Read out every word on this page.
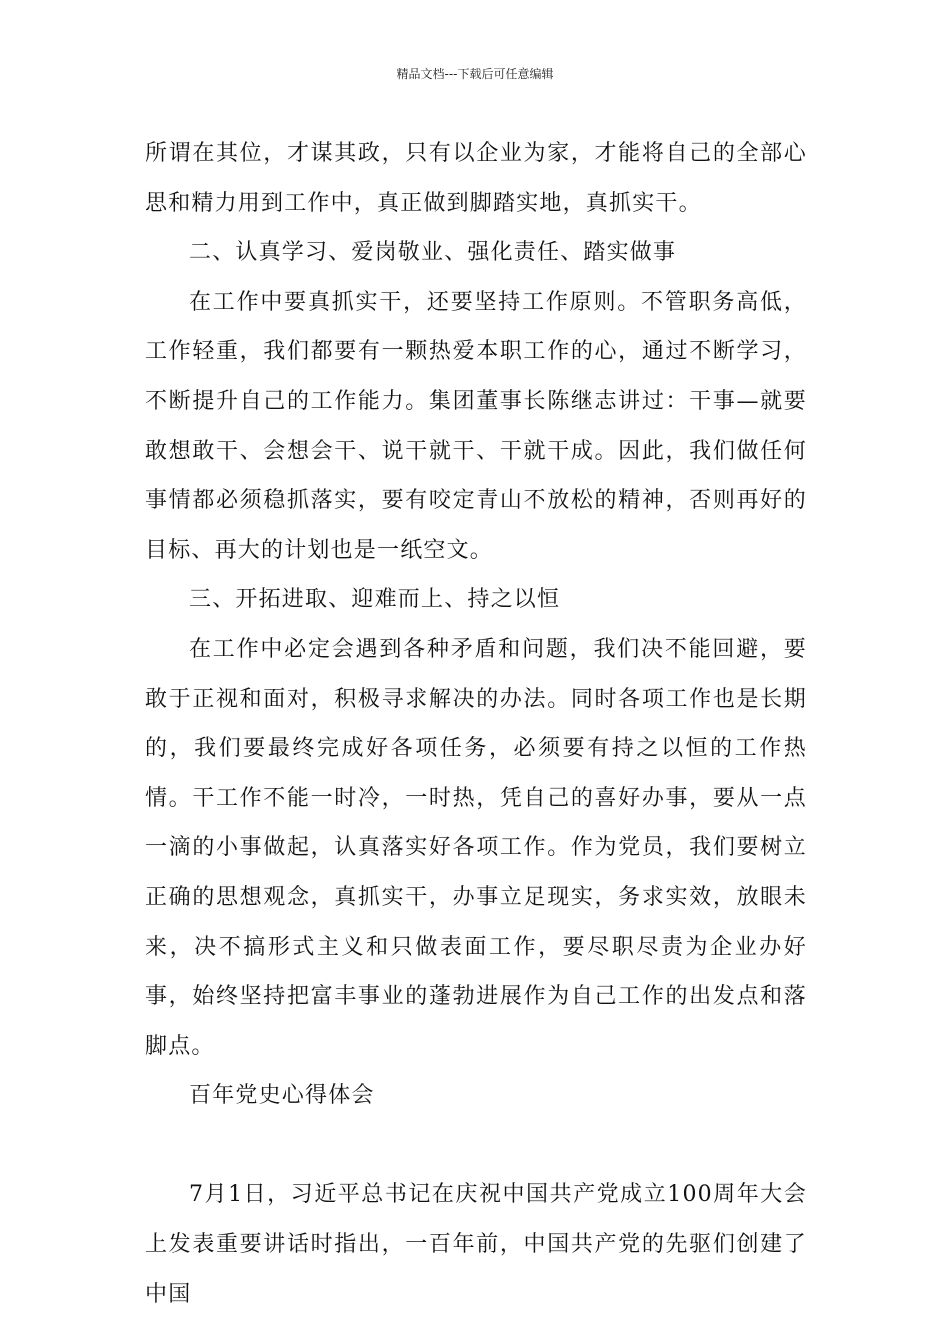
精品文档---下载后可任意编辑

所谓在其位，才谋其政，只有以企业为家，才能将自己的全部心思和精力用到工作中，真正做到脚踏实地，真抓实干。

二、认真学习、爱岗敬业、强化责任、踏实做事

在工作中要真抓实干，还要坚持工作原则。不管职务高低，工作轻重，我们都要有一颗热爱本职工作的心，通过不断学习，不断提升自己的工作能力。集团董事长陈继志讲过：干事—就要敢想敢干、会想会干、说干就干、干就干成。因此，我们做任何事情都必须稳抓落实，要有咬定青山不放松的精神，否则再好的目标、再大的计划也是一纸空文。

三、开拓进取、迎难而上、持之以恒

在工作中必定会遇到各种矛盾和问题，我们决不能回避，要敢于正视和面对，积极寻求解决的办法。同时各项工作也是长期的，我们要最终完成好各项任务，必须要有持之以恒的工作热情。干工作不能一时冷，一时热，凭自己的喜好办事，要从一点一滴的小事做起，认真落实好各项工作。作为党员，我们要树立正确的思想观念，真抓实干，办事立足现实，务求实效，放眼未来，决不搞形式主义和只做表面工作，要尽职尽责为企业办好事，始终坚持把富丰事业的蓬勃进展作为自己工作的出发点和落脚点。

百年党史心得体会

7月1日，习近平总书记在庆祝中国共产党成立100周年大会上发表重要讲话时指出，一百年前，中国共产党的先驱们创建了中国
